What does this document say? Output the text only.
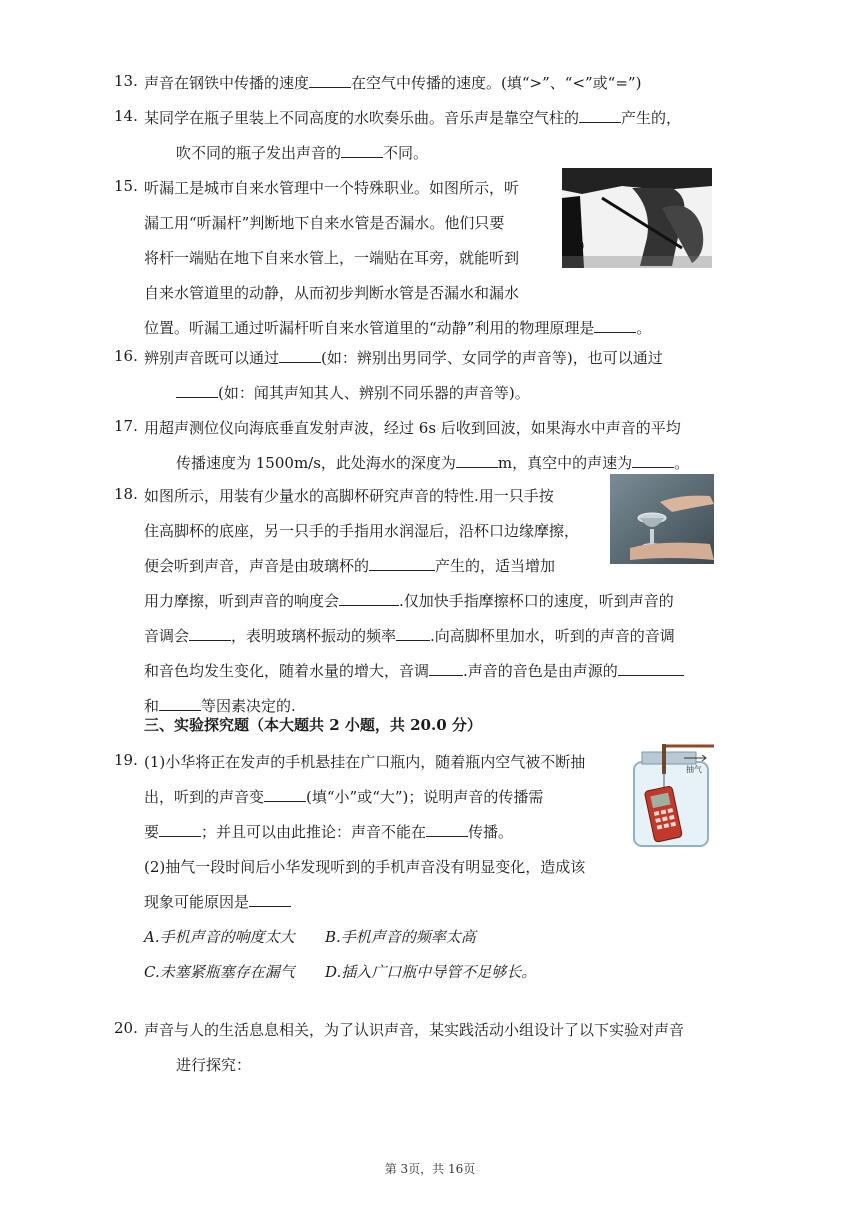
13. 声音在钢铁中传播的速度	在空气中传播的速度。(填“>”、“<”或“=”)
14. 某同学在瓶子里装上不同高度的水吹奏乐曲。音乐声是靠空气柱的	产生的，
吹不同的瓶子发出声音的	不同。
15. 听漏工是城市自来水管理中一个特殊职业。如图所示，听
漏工用“听漏杆”判断地下自来水管是否漏水。他们只要
将杆一端贴在地下自来水管上，一端贴在耳旁，就能听到
自来水管道里的动静，从而初步判断水管是否漏水和漏水
位置。听漏工通过听漏杆听自来水管道里的“动静”利用的物理原理是	。
16. 辨别声音既可以通过	(如：辨别出男同学、女同学的声音等)，也可以通过
(如：闻其声知其人、辨别不同乐器的声音等)。
17. 用超声测位仪向海底垂直发射声波，经过 6s 后收到回波，如果海水中声音的平均
传播速度为 1500m/s，此处海水的深度为	m，真空中的声速为	。
18. 如图所示，用装有少量水的高脚杯研究声音的特性.用一只手按
住高脚杯的底座，另一只手的手指用水润湿后，沿杯口边缘摩擦，
便会听到声音，声音是由玻璃杯的	产生的，适当增加
用力摩擦，听到声音的响度会	.仅加快手指摩擦杯口的速度，听到声音的
音调会	，表明玻璃杯振动的频率 .向高脚杯里加水，听到的声音的音调
和音色均发生变化，随着水量的增大，音调 .声音的音色是由声源的
和	等因素决定的.
三、实验探究题（本大题共 2 小题，共 20.0 分）
19. (1)小华将正在发声的手机悬挂在广口瓶内，随着瓶内空气被不断抽
出，听到的声音变	(填“小”或“大”)；说明声音的传播需
要	；并且可以由此推论：声音不能在	传播。
(2)抽气一段时间后小华发现听到的手机声音没有明显变化，造成该
现象可能原因是
A.手机声音的响度太大 B.手机声音的频率太高
C.未塞紧瓶塞存在漏气 D.插入广口瓶中导管不足够长。
抽气
20. 声音与人的生活息息相关，为了认识声音，某实践活动小组设计了以下实验对声音
进行探究：
第 3页，共 16页
